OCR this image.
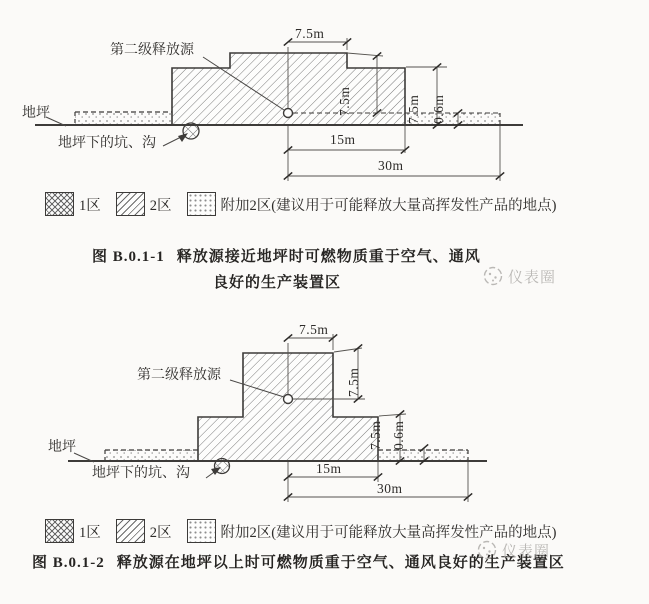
第二级释放源
7.5m
7.5m	7.5m 0.6m
地坪
地坪下的坑、沟	15m
30m
1区	2区	附加2区(建议用于可能释放大量高挥发性产品的地点)
图 B.0.1-1 释放源接近地坪时可燃物质重于空气、通风
良好的生产装置区	仪表圈
第二级释放源
7.5m
7.5m
7.5m 0.6m
地坪
地坪下的坑、沟	15m
30m
1区	2区	附加2区(建议用于可能释放大量高挥发性产品的地点)
图 B.0.1-2 释放源在地坪以上时可燃物质重于空气、通风良好的生产装置区
仪表圈
